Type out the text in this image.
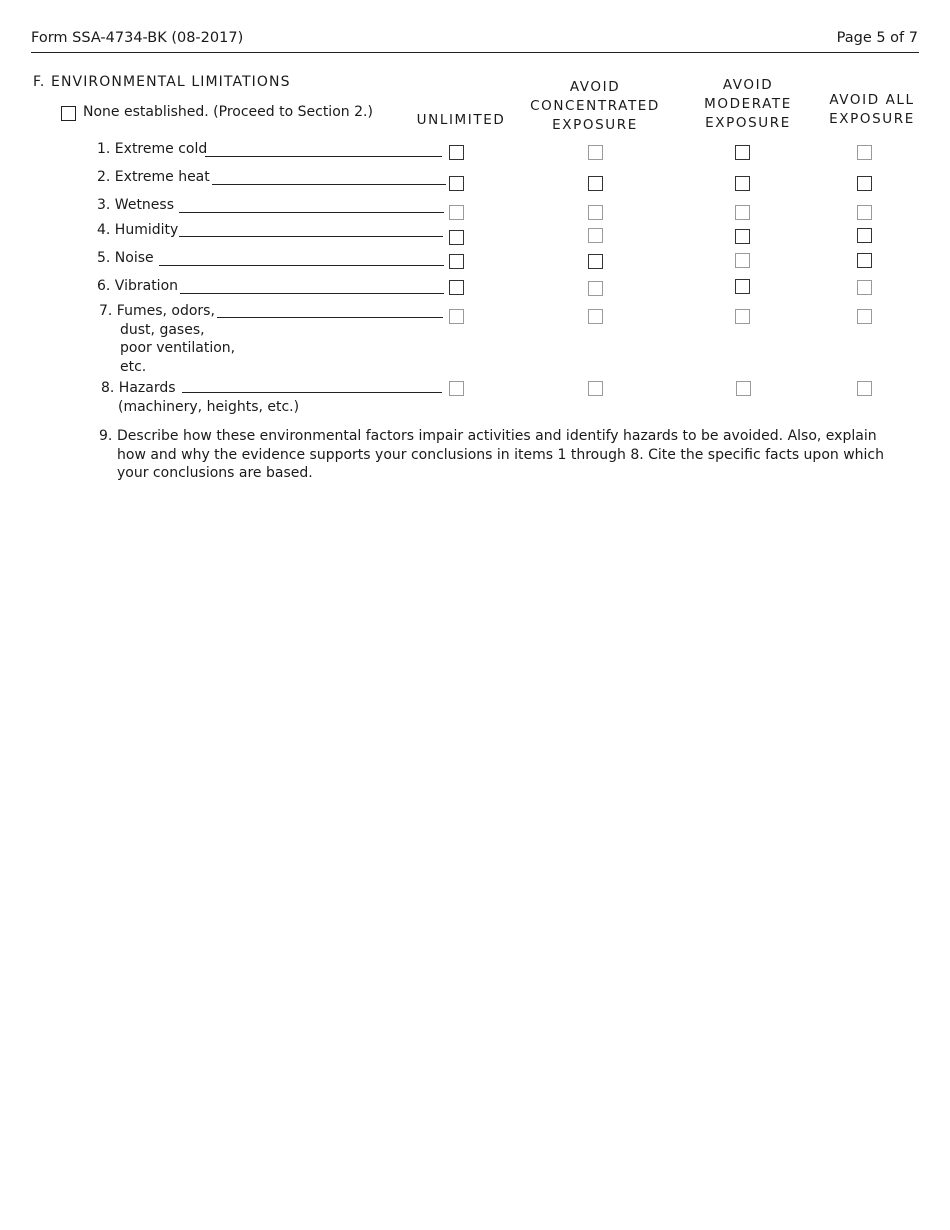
Form SSA-4734-BK (08-2017)	Page 5 of 7
F. ENVIRONMENTAL LIMITATIONS
None established. (Proceed to Section 2.)	UNLIMITED
AVOID
CONCENTRATED
EXPOSURE
AVOID
MODERATE
EXPOSURE
AVOID ALL
EXPOSURE
1. Extreme cold
2. Extreme heat
3. Wetness
4. Humidity
5. Noise
6. Vibration
7. Fumes, odors,
dust, gases,
poor ventilation,
etc.
8. Hazards
(machinery, heights, etc.)
9. Describe how these environmental factors impair activities and identify hazards to be avoided. Also, explain how and why the evidence supports your conclusions in items 1 through 8. Cite the specific facts upon which your conclusions are based.
